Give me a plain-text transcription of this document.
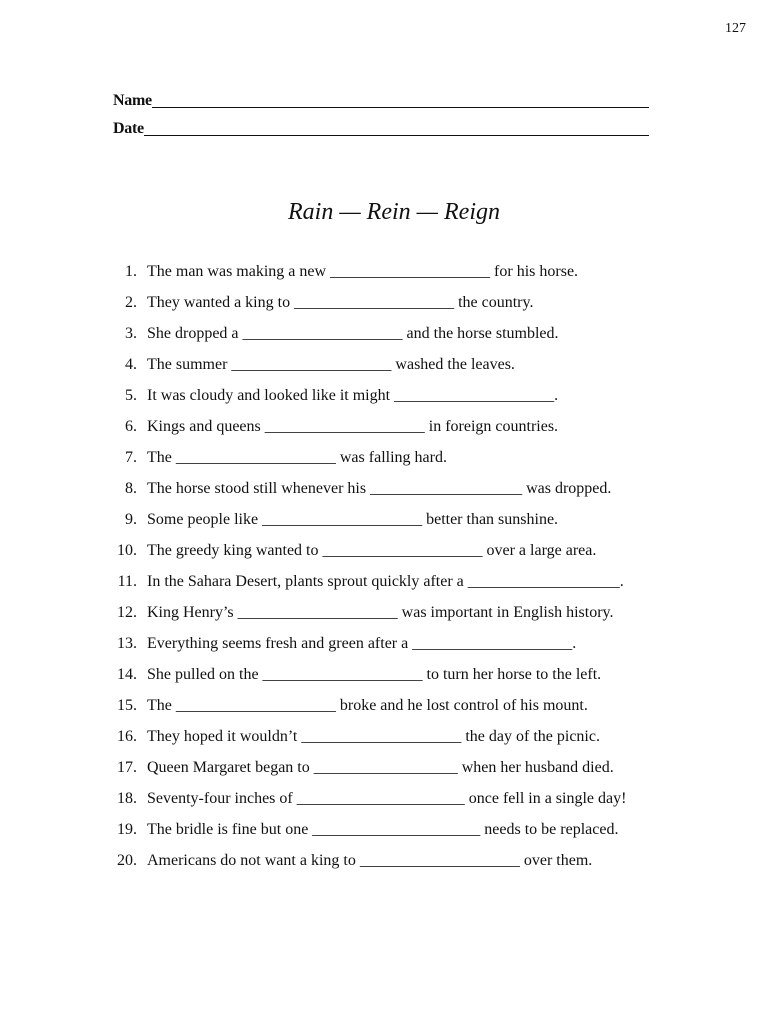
127
Name
Date
Rain — Rein — Reign
1. The man was making a new ____________________ for his horse.
2. They wanted a king to ____________________ the country.
3. She dropped a ____________________ and the horse stumbled.
4. The summer ____________________ washed the leaves.
5. It was cloudy and looked like it might ____________________.
6. Kings and queens ____________________ in foreign countries.
7. The ____________________ was falling hard.
8. The horse stood still whenever his ___________________ was dropped.
9. Some people like ____________________ better than sunshine.
10. The greedy king wanted to ____________________ over a large area.
11. In the Sahara Desert, plants sprout quickly after a ___________________.
12. King Henry’s ____________________ was important in English history.
13. Everything seems fresh and green after a ____________________.
14. She pulled on the ____________________ to turn her horse to the left.
15. The ____________________ broke and he lost control of his mount.
16. They hoped it wouldn’t ____________________ the day of the picnic.
17. Queen Margaret began to __________________ when her husband died.
18. Seventy-four inches of _____________________ once fell in a single day!
19. The bridle is fine but one _____________________ needs to be replaced.
20. Americans do not want a king to ____________________ over them.
